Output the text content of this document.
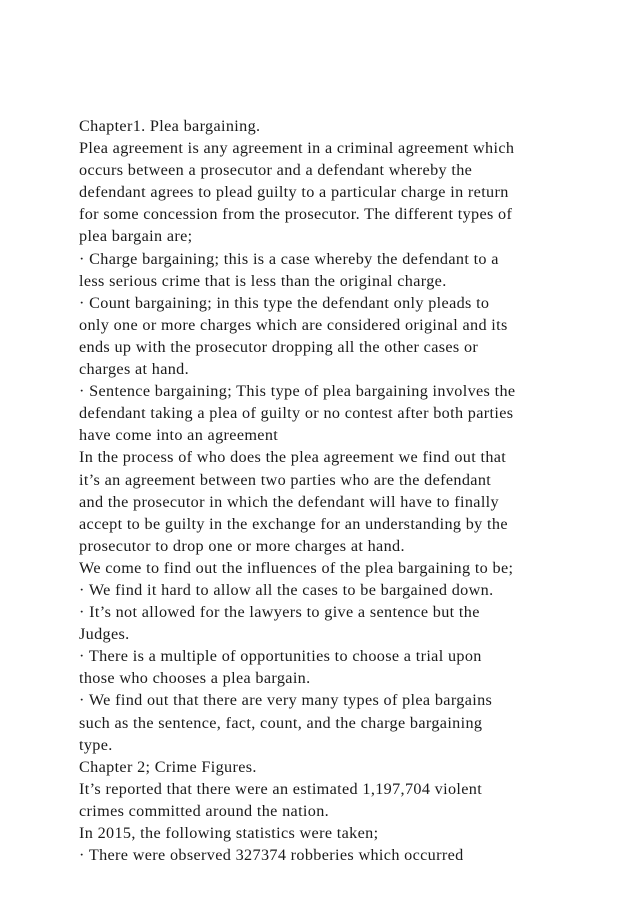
Chapter1. Plea bargaining.
Plea agreement is any agreement in a criminal agreement which
occurs between a prosecutor and a defendant whereby the
defendant agrees to plead guilty to a particular charge in return
for some concession from the prosecutor. The different types of
plea bargain are;
· Charge bargaining; this is a case whereby the defendant to a
less serious crime that is less than the original charge.
· Count bargaining; in this type the defendant only pleads to
only one or more charges which are considered original and its
ends up with the prosecutor dropping all the other cases or
charges at hand.
· Sentence bargaining; This type of plea bargaining involves the
defendant taking a plea of guilty or no contest after both parties
have come into an agreement
In the process of who does the plea agreement we find out that
it’s an agreement between two parties who are the defendant
and the prosecutor in which the defendant will have to finally
accept to be guilty in the exchange for an understanding by the
prosecutor to drop one or more charges at hand.
We come to find out the influences of the plea bargaining to be;
· We find it hard to allow all the cases to be bargained down.
· It’s not allowed for the lawyers to give a sentence but the
Judges.
· There is a multiple of opportunities to choose a trial upon
those who chooses a plea bargain.
· We find out that there are very many types of plea bargains
such as the sentence, fact, count, and the charge bargaining
type.
Chapter 2; Crime Figures.
It’s reported that there were an estimated 1,197,704 violent
crimes committed around the nation.
In 2015, the following statistics were taken;
· There were observed 327374 robberies which occurred
